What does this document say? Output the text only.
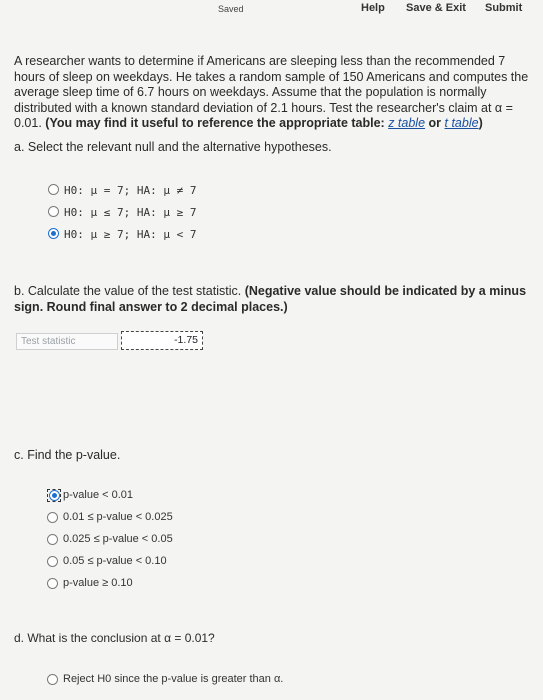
Saved	Help Save & Exit Submit
A researcher wants to determine if Americans are sleeping less than the recommended 7 hours of sleep on weekdays. He takes a random sample of 150 Americans and computes the average sleep time of 6.7 hours on weekdays. Assume that the population is normally distributed with a known standard deviation of 2.1 hours. Test the researcher's claim at α = 0.01. (You may find it useful to reference the appropriate table: z table or t table)
a. Select the relevant null and the alternative hypotheses.
H0: μ = 7; HA: μ ≠ 7
H0: μ ≤ 7; HA: μ ≥ 7
H0: μ ≥ 7; HA: μ < 7
b. Calculate the value of the test statistic. (Negative value should be indicated by a minus sign. Round final answer to 2 decimal places.)
Test statistic	-1.75
c. Find the p-value.
p-value < 0.01
0.01 ≤ p-value < 0.025
0.025 ≤ p-value < 0.05
0.05 ≤ p-value < 0.10
p-value ≥ 0.10
d. What is the conclusion at α = 0.01?
Reject H0 since the p-value is greater than α.
